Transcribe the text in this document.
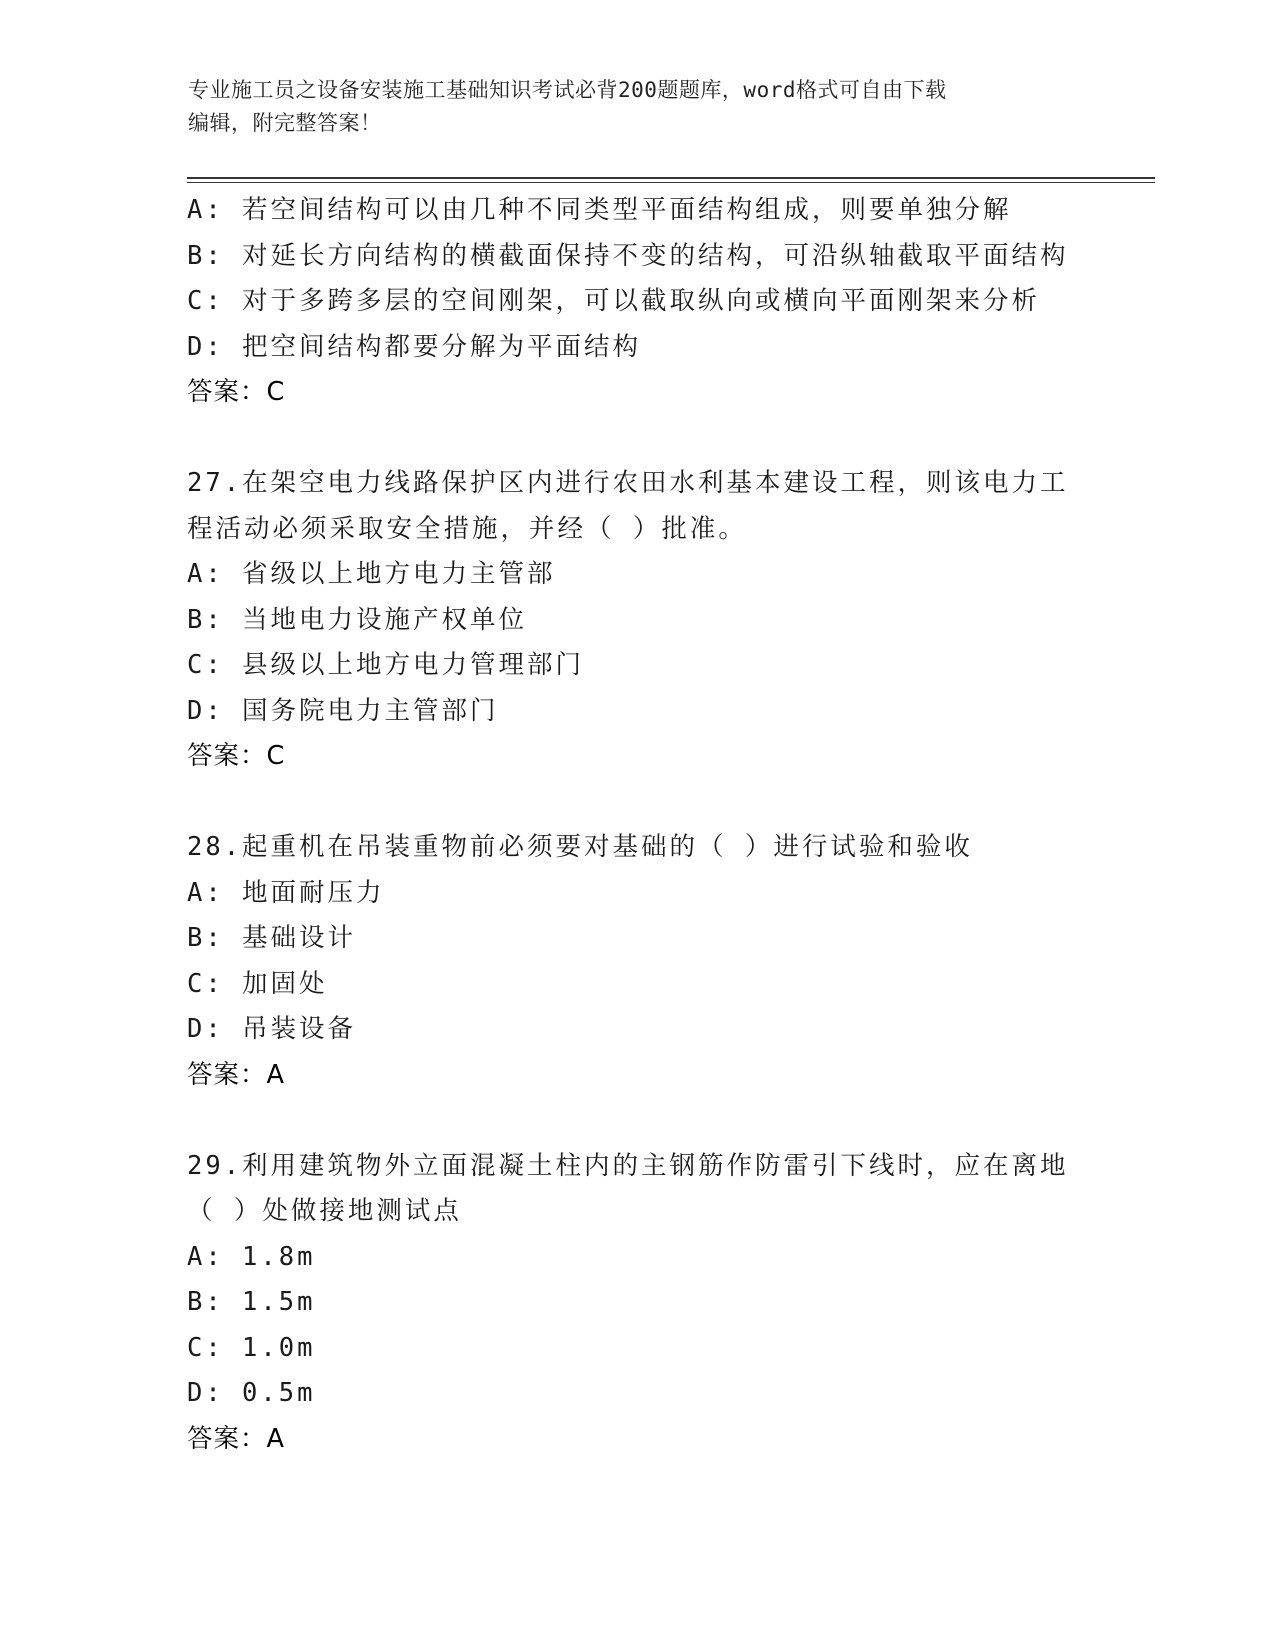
专业施工员之设备安装施工基础知识考试必背200题题库，word格式可自由下载
编辑，附完整答案！
A: 若空间结构可以由几种不同类型平面结构组成，则要单独分解
B: 对延长方向结构的横截面保持不变的结构，可沿纵轴截取平面结构
C: 对于多跨多层的空间刚架，可以截取纵向或横向平面刚架来分析
D: 把空间结构都要分解为平面结构
答案：C
27.在架空电力线路保护区内进行农田水利基本建设工程，则该电力工
程活动必须采取安全措施，并经（ ）批准。
A: 省级以上地方电力主管部
B: 当地电力设施产权单位
C: 县级以上地方电力管理部门
D: 国务院电力主管部门
答案：C
28.起重机在吊装重物前必须要对基础的（ ）进行试验和验收
A: 地面耐压力
B: 基础设计
C: 加固处
D: 吊装设备
答案：A
29.利用建筑物外立面混凝土柱内的主钢筋作防雷引下线时，应在离地
（ ）处做接地测试点
A: 1.8m
B: 1.5m
C: 1.0m
D: 0.5m
答案：A
